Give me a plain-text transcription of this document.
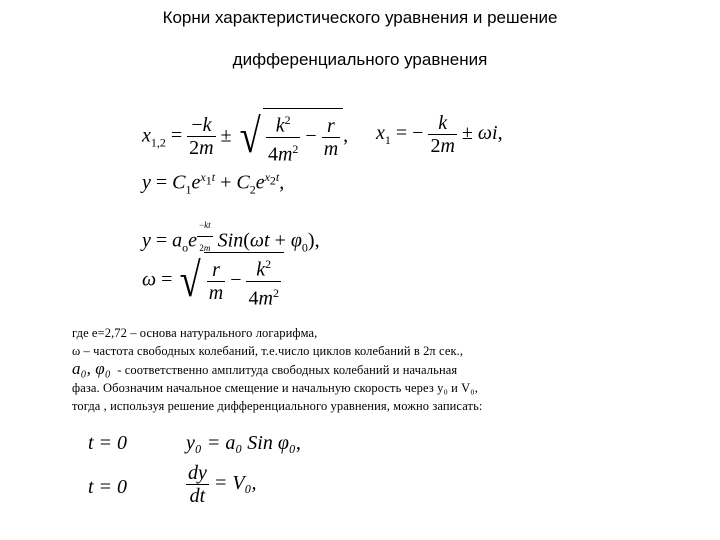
Корни характеристического уравнения и решение
дифференциального уравнения
$x_{1,2} = \frac{-k}{2m}$ ± √ $\frac{k^2}{4m^2} - \frac{r}{m}$ , $x_1$ = − $\frac{k}{2m} \pm \omega i$,
$y = C_1e^{x_1t} + C_2e^{x_2t}$,
$y = a_oe$ $^{\frac{-kt}{2m}}$ $Sin(\omega t + \varphi_0)$,
ω = √ $\frac{r}{m} - \frac{k^2}{4m^2}$

где e=2,72 – основа натурального логарифма,

ω – частота свободных колебаний, т.е.число циклов колебаний в 2π сек.,

a₀, φ₀ - соответственно амплитуда свободных колебаний и начальная

фаза. Обозначим начальное смещение и начальную скорость через y₀ и V₀,

тогда , используя решение дифференциального уравнения, можно записать:

t = 0	y₀ = a₀ Sin φ₀,
t = 0	$\frac{dy}{dt} = V_0$,
